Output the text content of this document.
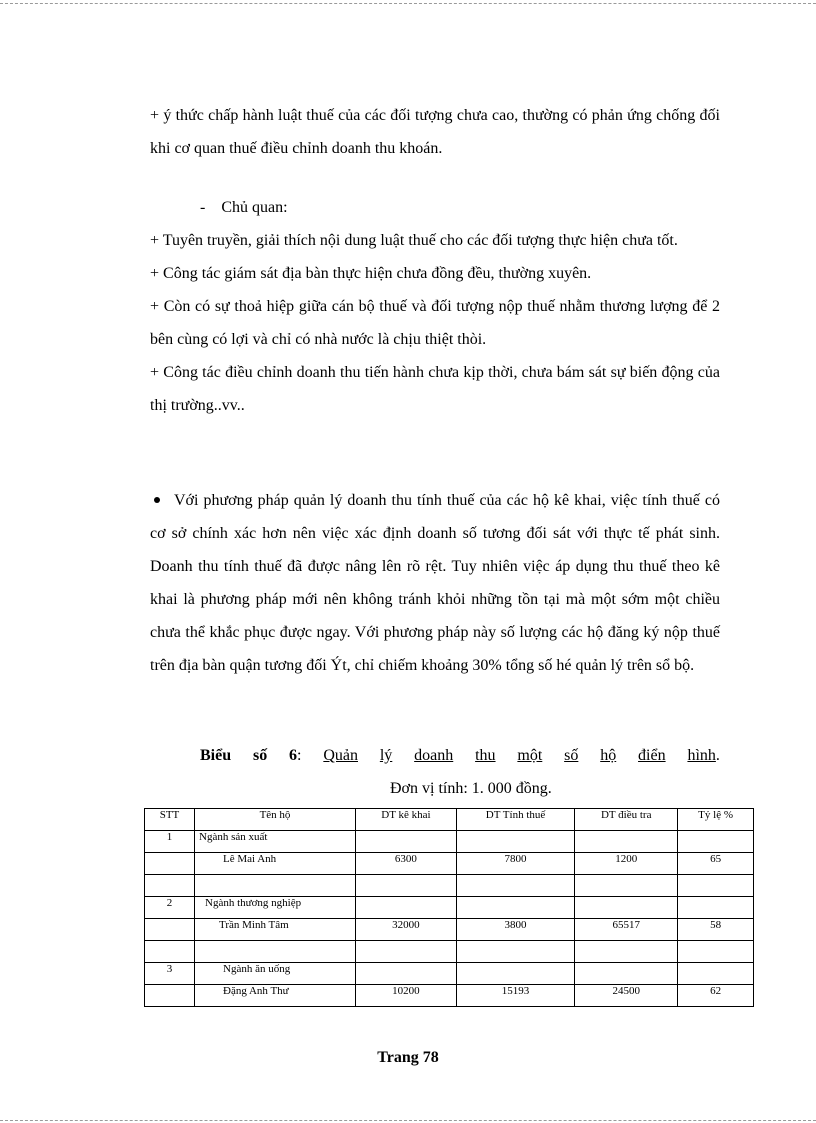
+ ý thức chấp hành luật thuế của các đối tượng chưa cao, thường có phản ứng chống đối khi cơ quan thuế điều chỉnh doanh thu khoán.

-    Chủ quan:

+ Tuyên truyền, giải thích nội dung luật thuế cho các đối tượng thực hiện chưa tốt.
+ Công tác giám sát địa bàn thực hiện chưa đồng đều, thường xuyên.
+ Còn có sự thoả hiệp giữa cán bộ thuế và đối tượng nộp thuế nhằm thương lượng để 2 bên cùng có lợi và chỉ có nhà nước là chịu thiệt thòi.
+ Công tác điều chỉnh doanh thu tiến hành chưa kịp thời, chưa bám sát sự biến động của thị trường..vv..

Với phương pháp quản lý doanh thu tính thuế của các hộ kê khai, việc tính thuế có cơ sở chính xác hơn nên việc xác định doanh số tương đối sát với thực tế phát sinh. Doanh thu tính thuế đã được nâng lên rõ rệt. Tuy nhiên việc áp dụng thu thuế theo kê khai là phương pháp mới nên không tránh khỏi những tồn tại mà một sớm một chiều chưa thể khắc phục được ngay. Với phương pháp này số lượng các hộ đăng ký nộp thuế trên địa bàn quận tương đối Ýt, chỉ chiếm khoảng 30% tổng số hé quản lý trên sổ bộ.

Biểu số 6: Quản lý doanh thu một số hộ điển hình.
Đơn vị tính: 1. 000 đồng.
STT	Tên hộ	DT kê khai	DT Tính thuế	DT điều tra	Tỷ lệ %
1	Ngành sản xuất				
	Lê Mai Anh	6300	7800	1200	65

2	Ngành thương nghiệp				
	Trần Minh Tâm	32000	3800	65517	58

3	Ngành ăn uống				
	Đặng Anh Thư	10200	15193	24500	62
Trang 78
